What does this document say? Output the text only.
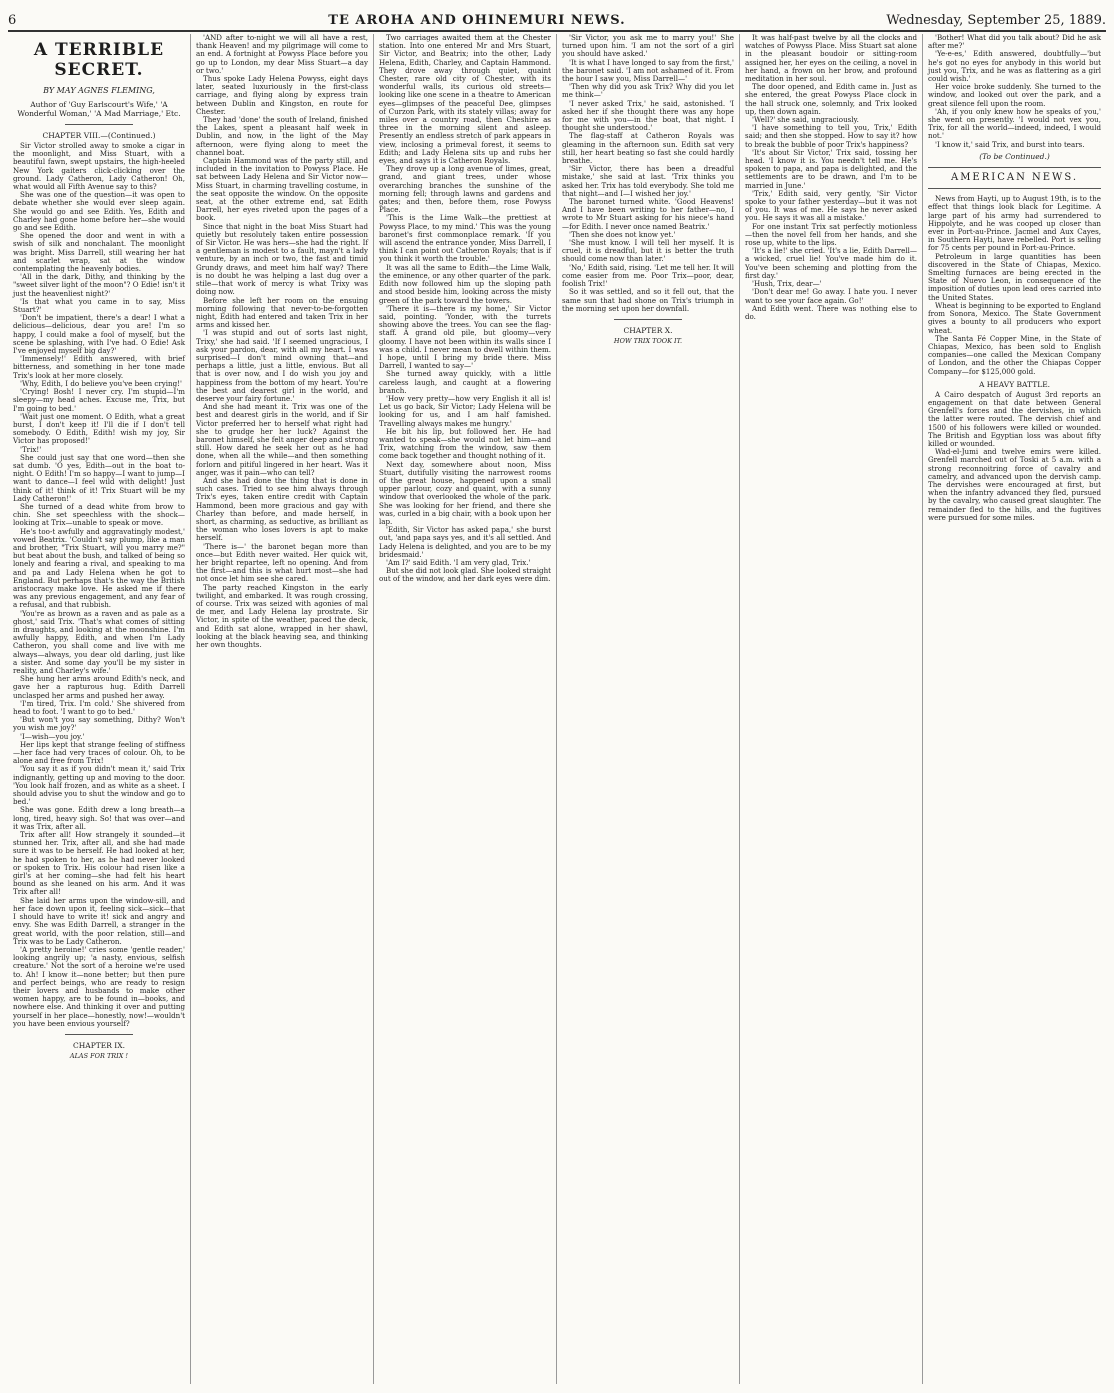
6	TE AROHA AND OHINEMURI NEWS.	Wednesday, September 25, 1889.
A TERRIBLE SECRET.
BY MAY AGNES FLEMING,
Author of 'Guy Earlscourt's Wife,' 'A Wonderful Woman,' 'A Mad Marriage,' Etc.
CHAPTER VIII.—(Continued.)

Sir Victor strolled away to smoke a cigar in the moonlight, and Miss Stuart, with a beautiful fawn, swept upstairs, the high-heeled New York gaiters click-clicking over the ground. Lady Catheron, Lady Catheron! Oh, what would all Fifth Avenue say to this?

She was one of the question—it was open to debate whether she would ever sleep again. She would go and see Edith. Yes, Edith and Charley had gone home before her—she would go and see Edith.

She opened the door and went in with a swish of silk and nonchalant. The moonlight was bright. Miss Darrell, still wearing her hat and scarlet wrap, sat at the window contemplating the heavenly bodies.

'All in the dark, Dithy, and thinking by the "sweet silver light of the moon"? O Edie! isn't it just the heavenliest night?'

'Is that what you came in to say, Miss Stuart?'

'Don't be impatient, there's a dear! I what a delicious—delicious, dear you are! I'm so happy, I could make a fool of myself, but the scene be splashing, with I've had. O Edie! Ask I've enjoyed myself big day?'

'Immensely!' Edith answered, with brief bitterness, and something in her tone made Trix's look at her more closely.

'Why, Edith, I do believe you've been crying!'

'Crying! Bosh! I never cry. I'm stupid—I'm sleepy—my head aches. Excuse me, Trix, but I'm going to bed.'

'Wait just one moment. O Edith, what a great burst, I don't keep it! I'll die if I don't tell somebody. O Edith, Edith! wish my joy, Sir Victor has proposed!'

'Trix!'

She could just say that one word—then she sat dumb. 'O yes, Edith—out in the boat to-night. O Edith! I'm so happy—I want to jump—I want to dance—I feel wild with delight! Just think of it! think of it! Trix Stuart will be my Lady Catheron!'

She turned of a dead white from brow to chin. She set speechless with the shock—looking at Trix—unable to speak or move.

He's too-t awfully and aggravatingly modest,' vowed Beatrix. 'Couldn't say plump, like a man and brother, "Trix Stuart, will you marry me?" but beat about the bush, and talked of being so lonely and fearing a rival, and speaking to ma and pa and Lady Helena when he got to England. But perhaps that's the way the British aristocracy make love. He asked me if there was any previous engagement, and any fear of a refusal, and that rubbish.

'You're as brown as a raven and as pale as a ghost,' said Trix. 'That's what comes of sitting in draughts, and looking at the moonshine. I'm awfully happy, Edith, and when I'm Lady Catheron, you shall come and live with me always—always, you dear old darling, just like a sister. And some day you'll be my sister in reality, and Charley's wife.'

She hung her arms around Edith's neck, and gave her a rapturous hug. Edith Darrell unclasped her arms and pushed her away.

'I'm tired, Trix. I'm cold.' She shivered from head to foot. 'I want to go to bed.'

'But won't you say something, Dithy? Won't you wish me joy?'

'I—wish—you joy.'

Her lips kept that strange feeling of stiffness—her face had very traces of colour. Oh, to be alone and free from Trix!

'You say it as if you didn't mean it,' said Trix indignantly, getting up and moving to the door. 'You look half frozen, and as white as a sheet. I should advise you to shut the window and go to bed.'

She was gone. Edith drew a long breath—a long, tired, heavy sigh. So! that was over—and it was Trix, after all.

Trix after all! How strangely it sounded—it stunned her. Trix, after all, and she had made sure it was to be herself. He had looked at her, he had spoken to her, as he had never looked or spoken to Trix. His colour had risen like a girl's at her coming—she had felt his heart bound as she leaned on his arm. And it was Trix after all!

She laid her arms upon the window-sill, and her face down upon it, feeling sick—sick—that I should have to write it! sick and angry and envy. She was Edith Darrell, a stranger in the great world, with the poor relation, still—and Trix was to be Lady Catheron.

'A pretty heroine!' cries some 'gentle reader,' looking angrily up; 'a nasty, envious, selfish creature.' Not the sort of a heroine we're used to. Ah! I know it—none better; but then pure and perfect beings, who are ready to resign their lovers and husbands to make other women happy, are to be found in—books, and nowhere else. And thinking it over and putting yourself in her place—honestly, now!—wouldn't you have been envious yourself?

CHAPTER IX.
ALAS FOR TRIX !

'AND after to-night we will all have a rest, thank Heaven! and my pilgrimage will come to an end. A fortnight at Powyss Place before you go up to London, my dear Miss Stuart—a day or two.'

Thus spoke Lady Helena Powyss, eight days later, seated luxuriously in the first-class carriage, and flying along by express train between Dublin and Kingston, en route for Chester.

They had 'done' the south of Ireland, finished the Lakes, spent a pleasant half week in Dublin, and now, in the light of the May afternoon, were flying along to meet the channel boat.

Captain Hammond was of the party still, and included in the invitation to Powyss Place. He sat between Lady Helena and Sir Victor now—Miss Stuart, in charming travelling costume, in the seat opposite the window. On the opposite seat, at the other extreme end, sat Edith Darrell, her eyes riveted upon the pages of a book.

Since that night in the boat Miss Stuart had quietly but resolutely taken entire possession of Sir Victor. He was hers—she had the right. If a gentleman is modest to a fault, mayn't a lady venture, by an inch or two, the fast and timid Grundy draws, and meet him half way? There is no doubt he was helping a last dug over a stile—that work of mercy is what Trixy was doing now.

Before she left her room on the ensuing morning following that never-to-be-forgotten night, Edith had entered and taken Trix in her arms and kissed her.

'I was stupid and out of sorts last night, Trixy,' she had said. 'If I seemed ungracious, I ask your pardon, dear, with all my heart. I was surprised—I don't mind owning that—and perhaps a little, just a little, envious. But all that is over now, and I do wish you joy and happiness from the bottom of my heart. You're the best and dearest girl in the world, and deserve your fairy fortune.'

And she had meant it. Trix was one of the best and dearest girls in the world, and if Sir Victor preferred her to herself what right had she to grudge her her luck? Against the baronet himself, she felt anger deep and strong still. How dared he seek her out as he had done, when all the while—and then something forlorn and pitiful lingered in her heart. Was it anger, was it pain—who can tell?

And she had done the thing that is done in such cases. Tried to see him always through Trix's eyes, taken entire credit with Captain Hammond, been more gracious and gay with Charley than before, and made herself, in short, as charming, as seductive, as brilliant as the woman who loses lovers is apt to make herself.

'There is—' the baronet began more than once—but Edith never waited. Her quick wit, her bright repartee, left no opening. And from the first—and this is what hurt most—she had not once let him see she cared.

The party reached Kingston in the early twilight, and embarked. It was rough crossing, of course. Trix was seized with agonies of mal de mer, and Lady Helena lay prostrate. Sir Victor, in spite of the weather, paced the deck, and Edith sat alone, wrapped in her shawl, looking at the black heaving sea, and thinking her own thoughts.

Two carriages awaited them at the Chester station. Into one entered Mr and Mrs Stuart, Sir Victor, and Beatrix; into the other, Lady Helena, Edith, Charley, and Captain Hammond. They drove away through quiet, quaint Chester, rare old city of Chester, with its wonderful walls, its curious old streets—looking like one scene in a theatre to American eyes—glimpses of the peaceful Dee, glimpses of Curzon Park, with its stately villas; away for miles over a country road, then Cheshire as three in the morning silent and asleep. Presently an endless stretch of park appears in view, inclosing a primeval forest, it seems to Edith; and Lady Helena sits up and rubs her eyes, and says it is Catheron Royals.

They drove up a long avenue of limes, great, grand, and giant trees, under whose overarching branches the sunshine of the morning fell; through lawns and gardens and gates; and then, before them, rose Powyss Place.

'This is the Lime Walk—the prettiest at Powyss Place, to my mind.' This was the young baronet's first commonplace remark. 'If you will ascend the entrance yonder, Miss Darrell, I think I can point out Catheron Royals; that is if you think it worth the trouble.'

It was all the same to Edith—the Lime Walk, the eminence, or any other quarter of the park. Edith now followed him up the sloping path and stood beside him, looking across the misty green of the park toward the towers.

'There it is—there is my home,' Sir Victor said, pointing. 'Yonder, with the turrets showing above the trees. You can see the flag-staff. A grand old pile, but gloomy—very gloomy. I have not been within its walls since I was a child. I never mean to dwell within them. I hope, until I bring my bride there. Miss Darrell, I wanted to say—'

She turned away quickly, with a little careless laugh, and caught at a flowering branch.

'How very pretty—how very English it all is! Let us go back, Sir Victor; Lady Helena will be looking for us, and I am half famished. Travelling always makes me hungry.'

He bit his lip, but followed her. He had wanted to speak—she would not let him—and Trix, watching from the window, saw them come back together and thought nothing of it.

Next day, somewhere about noon, Miss Stuart, dutifully visiting the narrowest rooms of the great house, happened upon a small upper parlour, cozy and quaint, with a sunny window that overlooked the whole of the park. She was looking for her friend, and there she was, curled in a big chair, with a book upon her lap.

'Edith, Sir Victor has asked papa,' she burst out, 'and papa says yes, and it's all settled. And Lady Helena is delighted, and you are to be my bridesmaid.'

'Am I?' said Edith. 'I am very glad, Trix.'

But she did not look glad. She looked straight out of the window, and her dark eyes were dim.

'Sir Victor, you ask me to marry you!' She turned upon him. 'I am not the sort of a girl you should have asked.'

'It is what I have longed to say from the first,' the baronet said. 'I am not ashamed of it. From the hour I saw you, Miss Darrell—'

'Then why did you ask Trix? Why did you let me think—'

'I never asked Trix,' he said, astonished. 'I asked her if she thought there was any hope for me with you—in the boat, that night. I thought she understood.'

The flag-staff at Catheron Royals was gleaming in the afternoon sun. Edith sat very still, her heart beating so fast she could hardly breathe.

'Sir Victor, there has been a dreadful mistake,' she said at last. 'Trix thinks you asked her. Trix has told everybody. She told me that night—and I—I wished her joy.'

The baronet turned white. 'Good Heavens! And I have been writing to her father—no, I wrote to Mr Stuart asking for his niece's hand—for Edith. I never once named Beatrix.'

'Then she does not know yet.'

'She must know. I will tell her myself. It is cruel, it is dreadful, but it is better the truth should come now than later.'

'No,' Edith said, rising. 'Let me tell her. It will come easier from me. Poor Trix—poor, dear, foolish Trix!'

So it was settled, and so it fell out, that the same sun that had shone on Trix's triumph in the morning set upon her downfall.

CHAPTER X.
HOW TRIX TOOK IT.

It was half-past twelve by all the clocks and watches of Powyss Place. Miss Stuart sat alone in the pleasant boudoir or sitting-room assigned her, her eyes on the ceiling, a novel in her hand, a frown on her brow, and profound meditation in her soul.

The door opened, and Edith came in. Just as she entered, the great Powyss Place clock in the hall struck one, solemnly, and Trix looked up, then down again.

'Well?' she said, ungraciously.

'I have something to tell you, Trix,' Edith said; and then she stopped. How to say it? how to break the bubble of poor Trix's happiness?

'It's about Sir Victor,' Trix said, tossing her head. 'I know it is. You needn't tell me. He's spoken to papa, and papa is delighted, and the settlements are to be drawn, and I'm to be married in June.'

'Trix,' Edith said, very gently, 'Sir Victor spoke to your father yesterday—but it was not of you. It was of me. He says he never asked you. He says it was all a mistake.'

For one instant Trix sat perfectly motionless—then the novel fell from her hands, and she rose up, white to the lips.

'It's a lie!' she cried. 'It's a lie, Edith Darrell—a wicked, cruel lie! You've made him do it. You've been scheming and plotting from the first day.'

'Hush, Trix, dear—'

'Don't dear me! Go away. I hate you. I never want to see your face again. Go!'

And Edith went. There was nothing else to do.

'Bother! What did you talk about? Did he ask after me?'

'Ye-e-es,' Edith answered, doubtfully—'but he's got no eyes for anybody in this world but just you, Trix, and he was as flattering as a girl could wish.'

Her voice broke suddenly. She turned to the window, and looked out over the park, and a great silence fell upon the room.

'Ah, if you only knew how he speaks of you,' she went on presently. 'I would not vex you, Trix, for all the world—indeed, indeed, I would not.'

'I know it,' said Trix, and burst into tears.

(To be Continued.)
AMERICAN NEWS.

News from Hayti, up to August 19th, is to the effect that things look black for Legitime. A large part of his army had surrendered to Hippolyte, and he was cooped up closer than ever in Port-au-Prince. Jacmel and Aux Cayes, in Southern Hayti, have rebelled. Port is selling for 75 cents per pound in Port-au-Prince.

Petroleum in large quantities has been discovered in the State of Chiapas, Mexico. Smelting furnaces are being erected in the State of Nuevo Leon, in consequence of the imposition of duties upon lead ores carried into the United States.

Wheat is beginning to be exported to England from Sonora, Mexico. The State Government gives a bounty to all producers who export wheat.

The Santa Fé Copper Mine, in the State of Chiapas, Mexico, has been sold to English companies—one called the Mexican Company of London, and the other the Chiapas Copper Company—for $125,000 gold.

A HEAVY BATTLE.

A Cairo despatch of August 3rd reports an engagement on that date between General Grenfell's forces and the dervishes, in which the latter were routed. The dervish chief and 1500 of his followers were killed or wounded. The British and Egyptian loss was about fifty killed or wounded.

Wad-el-Jumi and twelve emirs were killed. Grenfell marched out of Toski at 5 a.m. with a strong reconnoitring force of cavalry and camelry, and advanced upon the dervish camp. The dervishes were encouraged at first, but when the infantry advanced they fled, pursued by the cavalry, who caused great slaughter. The remainder fled to the hills, and the fugitives were pursued for some miles.
